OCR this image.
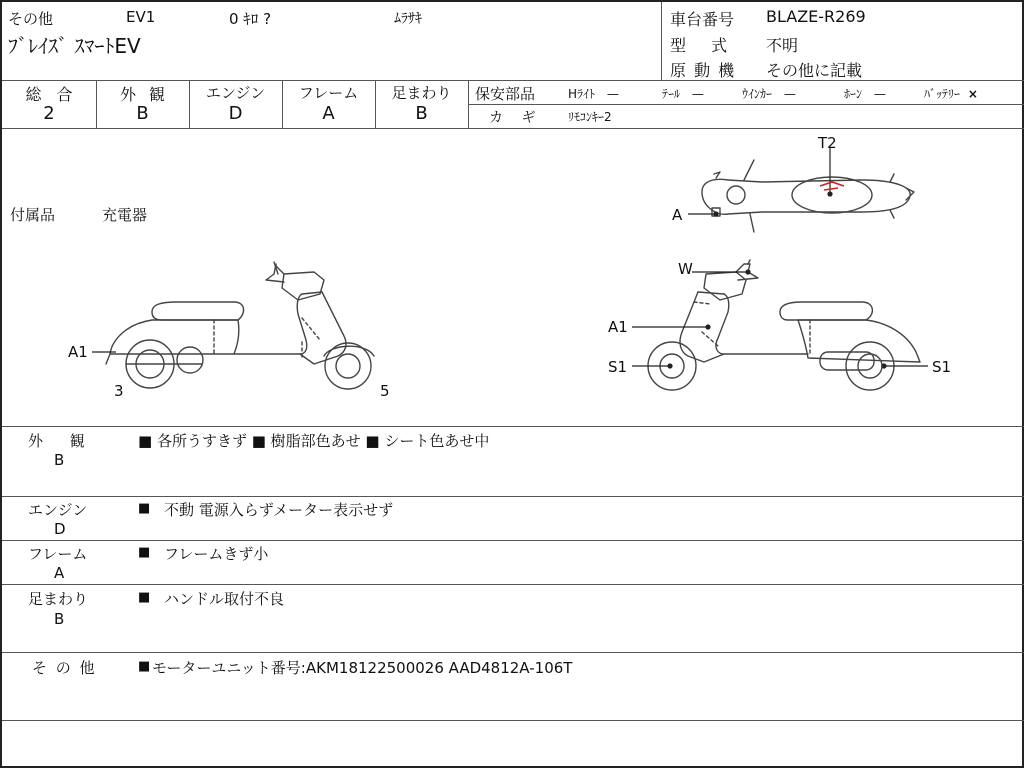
その他	EV1	0 ｷﾛ ?	ﾑﾗｻｷ
ﾌﾞﾚｲｽﾞ ｽﾏｰﾄEV
車台番号 BLAZE-R269
型 式 不明
原 動 機 その他に記載
総 合
2
外 観
B
エンジン
D
フレーム
A
足まわり
B
保安部品	Hﾗｲﾄ —	ﾃｰﾙ —	ｳｲﾝｶｰ —	ﾎｰﾝ —	ﾊﾞｯﾃﾘｰ ×
カ ギ	ﾘﾓｺﾝｷｰ2
付属品	充電器
T2
A
W
A1
S1	S1
A1
3	5
外 観
B
■ 各所うすきず ■ 樹脂部色あせ ■ シート色あせ中
エンジン
D
■ 不動 電源入らずメーター表示せず
フレーム
A
■ フレームきず小
足まわり
B
■ ハンドル取付不良
そ の 他	■ モーターユニット番号:AKM18122500026 AAD4812A-106T
